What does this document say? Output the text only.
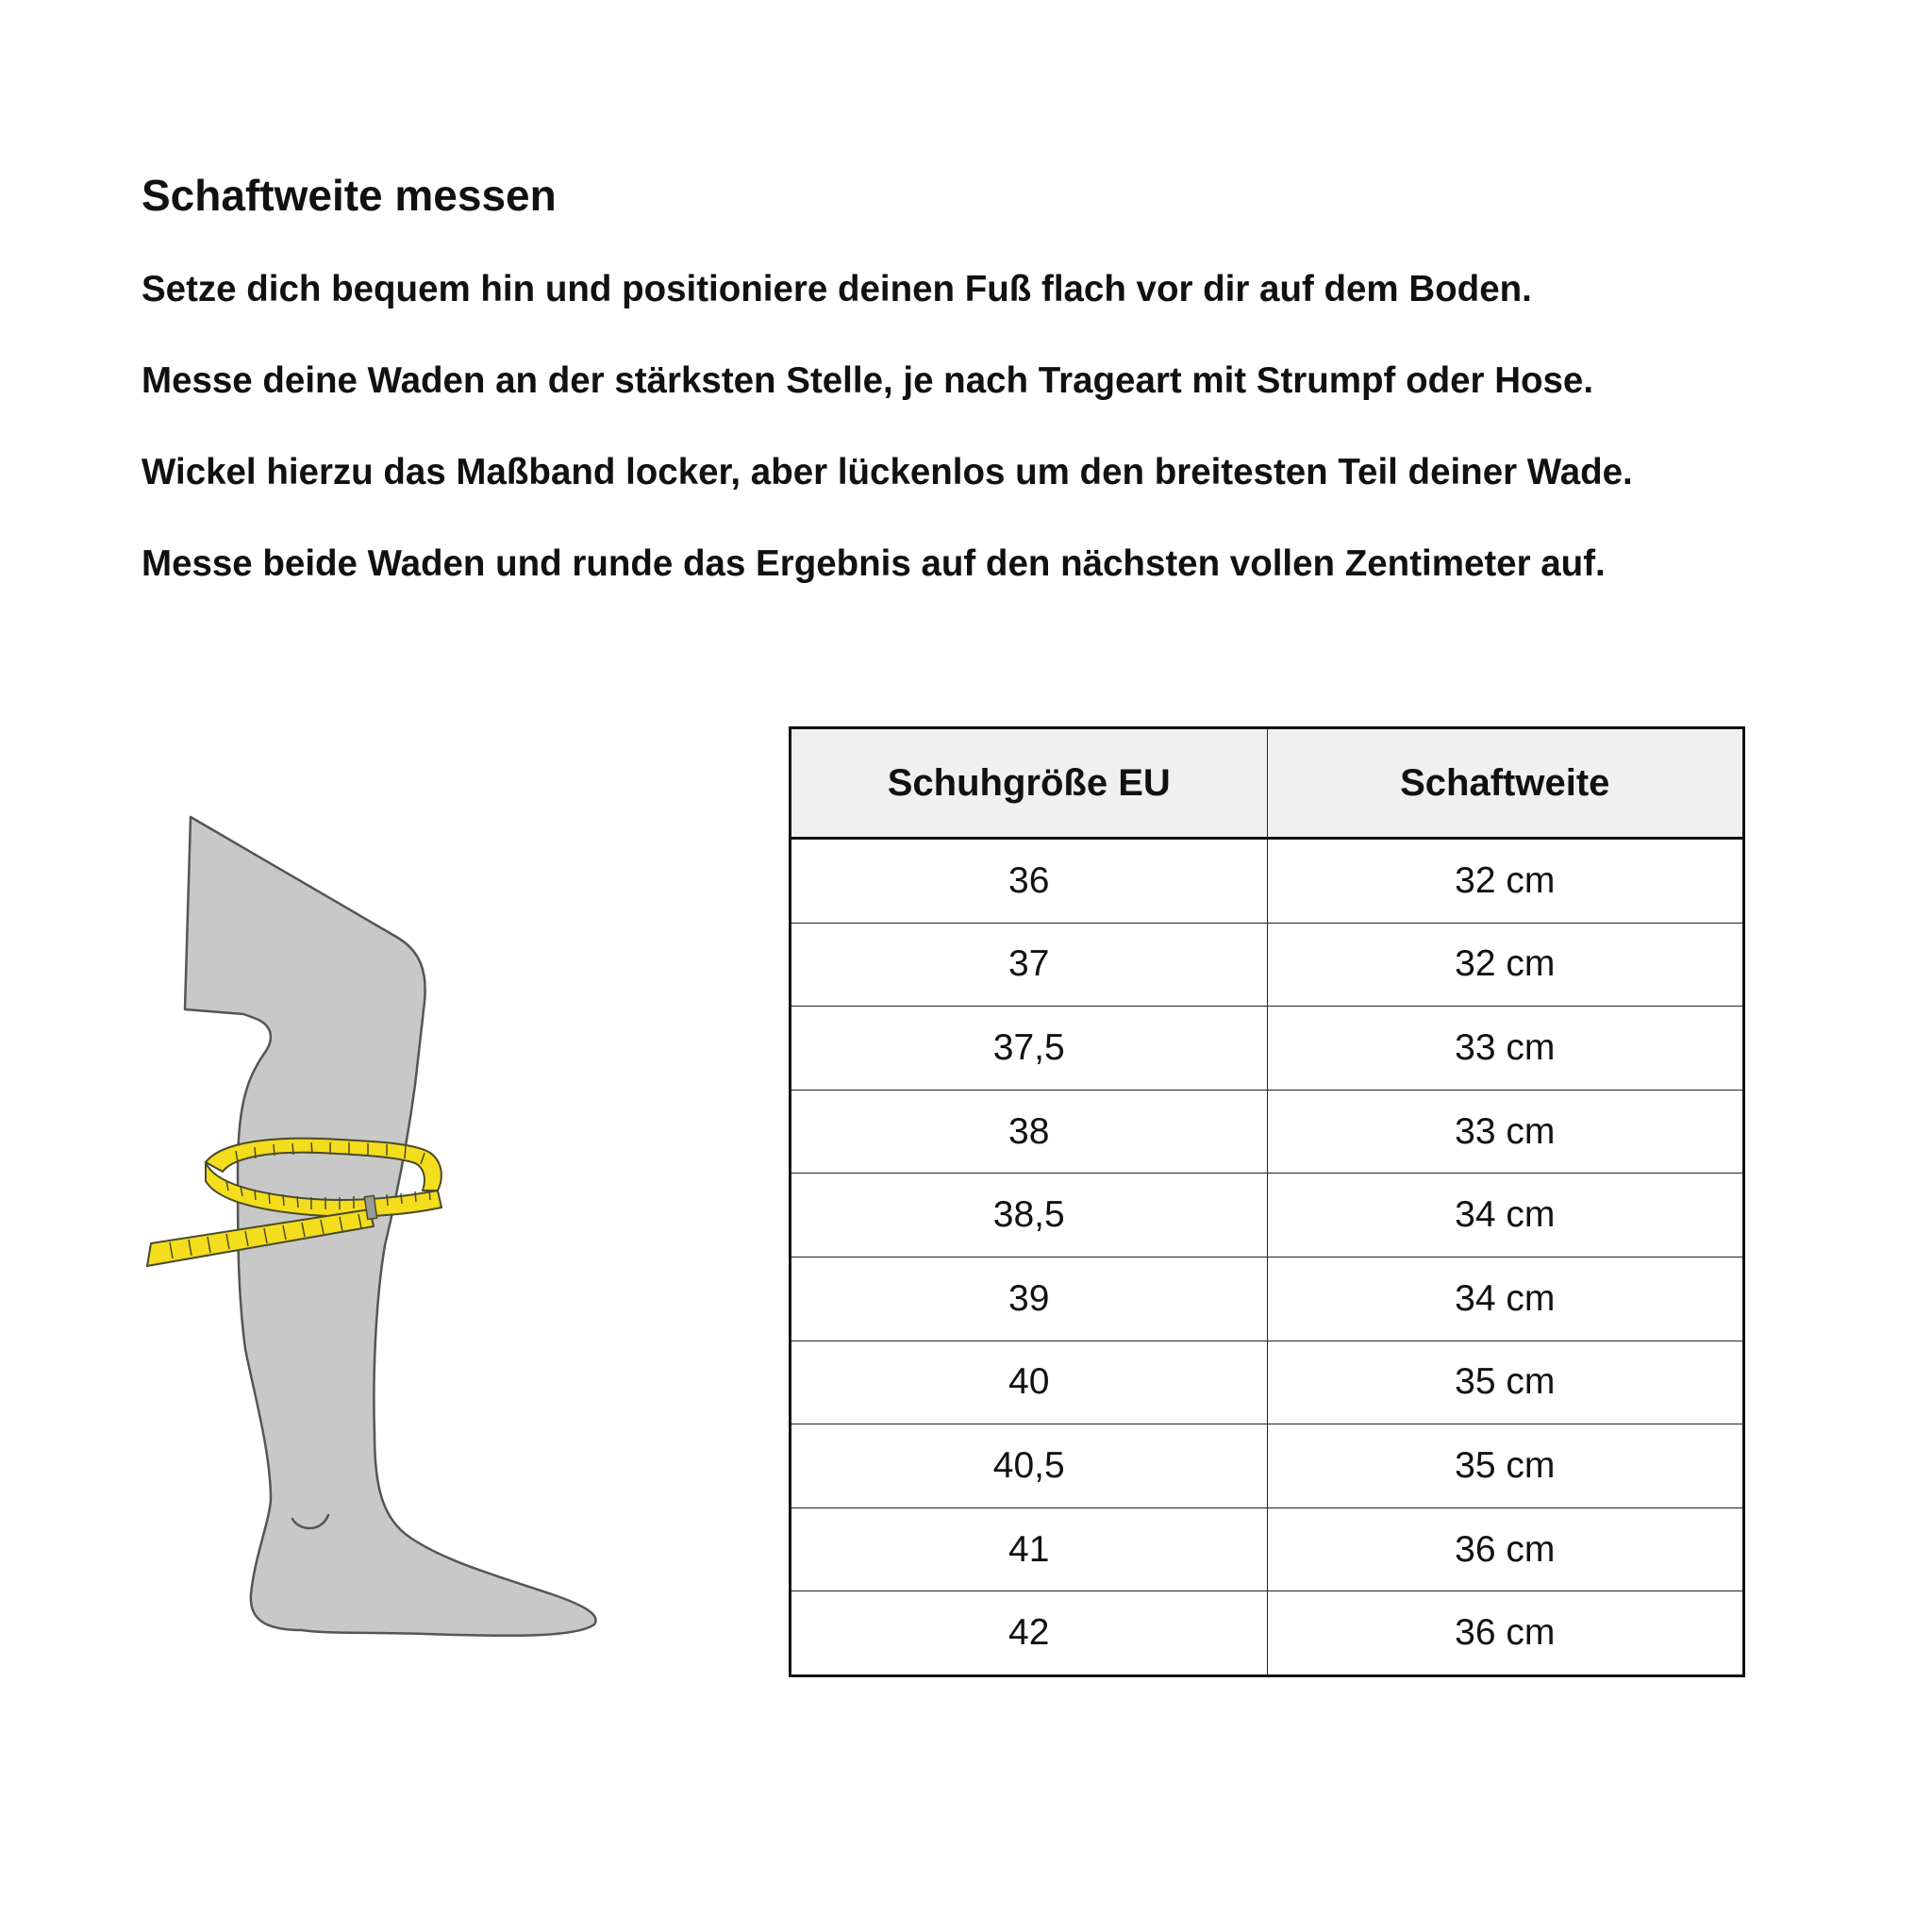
Schaftweite messen
Setze dich bequem hin und positioniere deinen Fuß flach vor dir auf dem Boden.
Messe deine Waden an der stärksten Stelle, je nach Trageart mit Strumpf oder Hose.
Wickel hierzu das Maßband locker, aber lückenlos um den breitesten Teil deiner Wade.
Messe beide Waden und runde das Ergebnis auf den nächsten vollen Zentimeter auf.
Schuhgröße EU	Schaftweite
36	32 cm
37	32 cm
37,5	33 cm
38	33 cm
38,5	34 cm
39	34 cm
40	35 cm
40,5	35 cm
41	36 cm
42	36 cm
